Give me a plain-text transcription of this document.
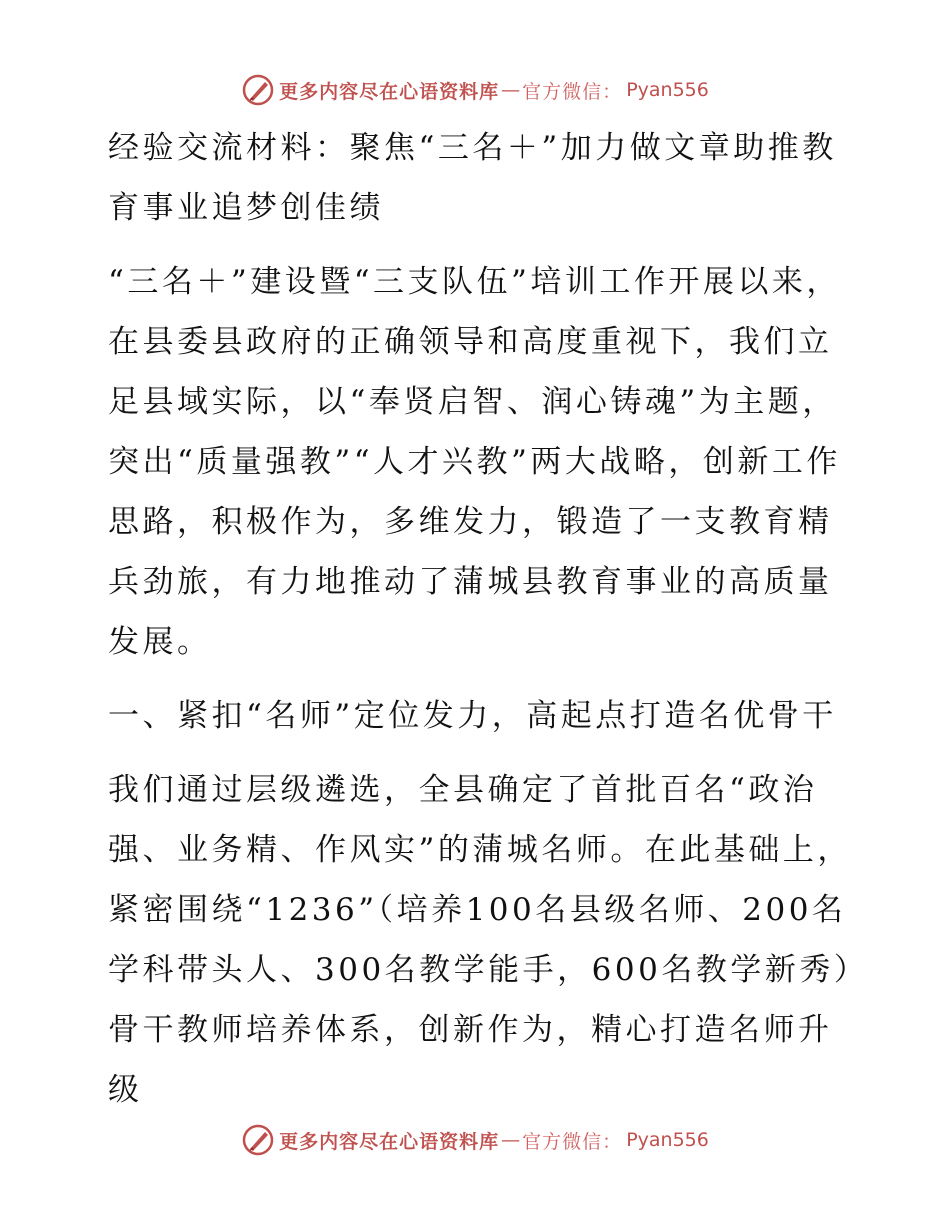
更多内容尽在心语资料库 — 官方微信： Pyan556

经验交流材料：聚焦“三名＋”加力做文章助推教育事业追梦创佳绩

“三名＋”建设暨“三支队伍”培训工作开展以来，在县委县政府的正确领导和高度重视下，我们立足县域实际，以“奉贤启智、润心铸魂”为主题，突出“质量强教”“人才兴教”两大战略，创新工作思路，积极作为，多维发力，锻造了一支教育精兵劲旅，有力地推动了蒲城县教育事业的高质量发展。

一、紧扣“名师”定位发力，高起点打造名优骨干

我们通过层级遴选，全县确定了首批百名“政治强、业务精、作风实”的蒲城名师。在此基础上，紧密围绕“1236”（培养100名县级名师、200名学科带头人、300名教学能手，600名教学新秀）骨干教师培养体系，创新作为，精心打造名师升级

更多内容尽在心语资料库 — 官方微信： Pyan556
